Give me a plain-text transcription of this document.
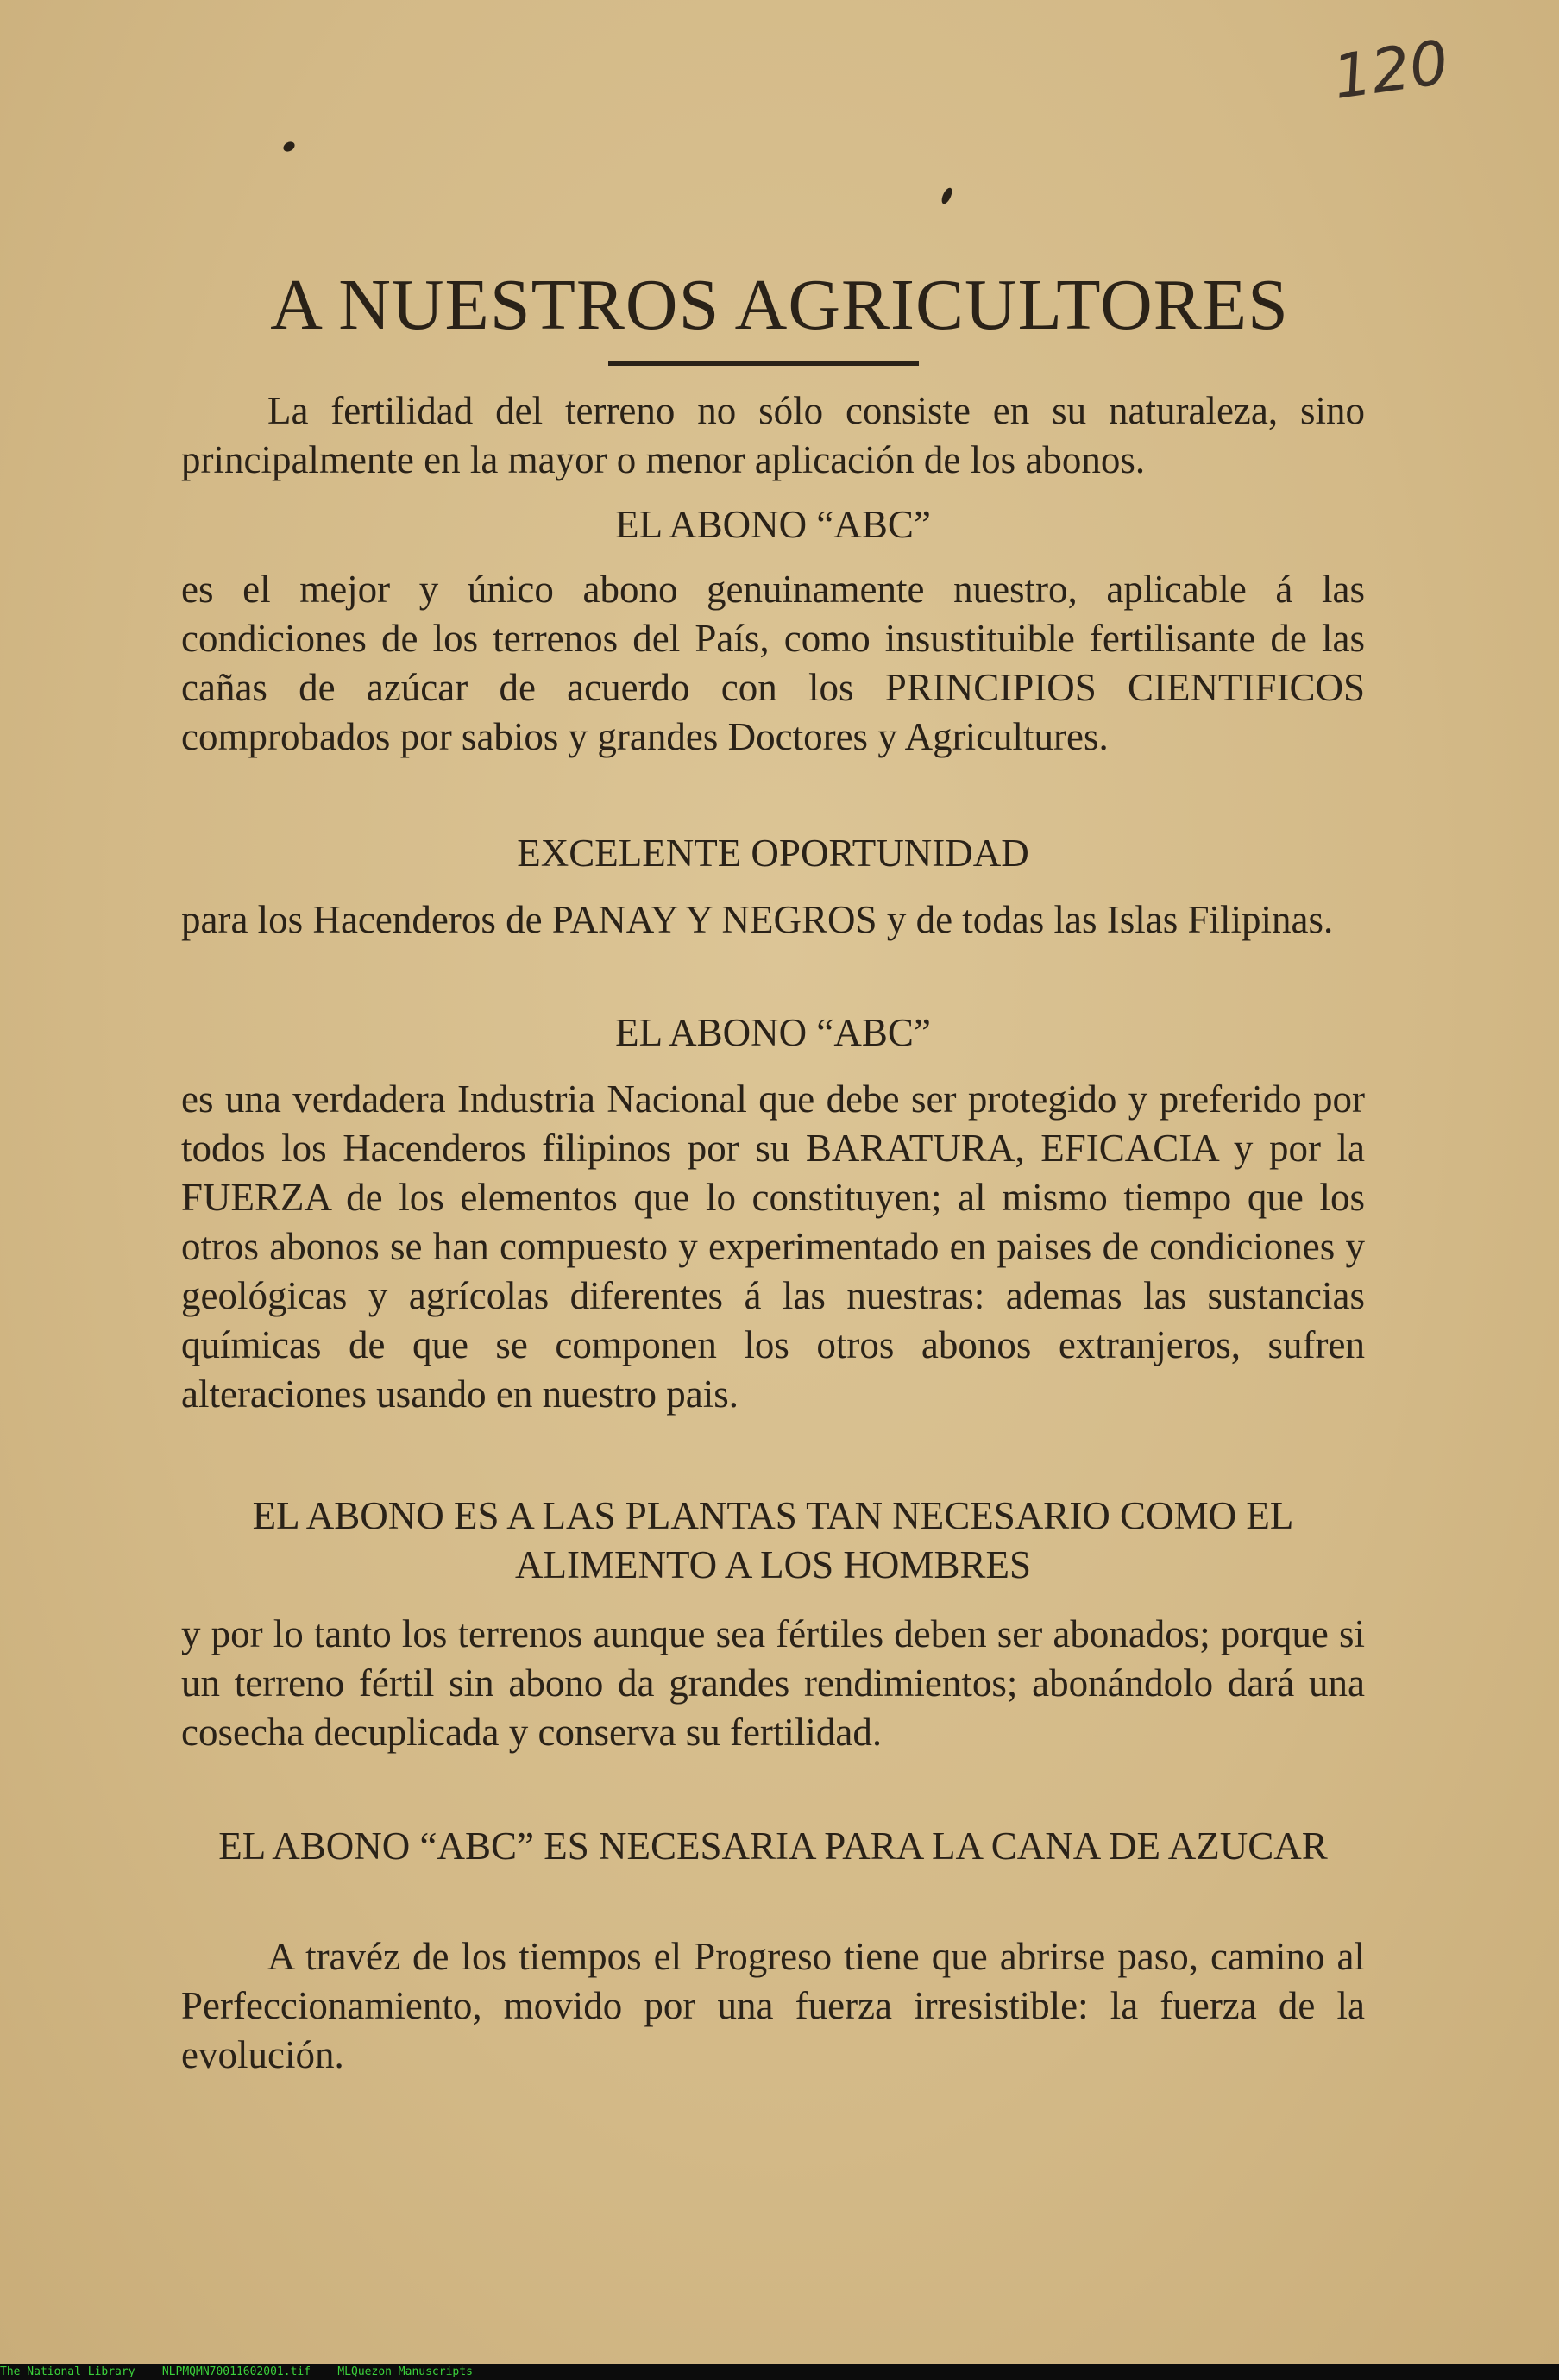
120
A NUESTROS AGRICULTORES

La fertilidad del terreno no sólo consiste en su naturaleza, sino principalmente en la mayor o menor aplicación de los abonos.

EL ABONO “ABC”

es el mejor y único abono genuinamente nuestro, aplicable á las condiciones de los terrenos del País, como insustituible fertilisante de las cañas de azúcar de acuerdo con los PRINCIPIOS CIENTIFICOS comprobados por sabios y grandes Doctores y Agricultures.

EXCELENTE OPORTUNIDAD

para los Hacenderos de PANAY Y NEGROS y de todas las Islas Filipinas.

EL ABONO “ABC”

es una verdadera Industria Nacional que debe ser protegido y preferido por todos los Hacenderos filipinos por su BARATURA, EFICACIA y por la FUERZA de los elementos que lo constituyen; al mismo tiempo que los otros abonos se han compuesto y experimentado en paises de condiciones y geológicas y agrícolas diferentes á las nuestras: ademas las sustancias químicas de que se componen los otros abonos extranjeros, sufren alteraciones usando en nuestro pais.

EL ABONO ES A LAS PLANTAS TAN NECESARIO COMO EL ALIMENTO A LOS HOMBRES

y por lo tanto los terrenos aunque sea fértiles deben ser abonados; porque si un terreno fértil sin abono da grandes rendimientos; abonándolo dará una cosecha decuplicada y conserva su fertilidad.

EL ABONO “ABC” ES NECESARIA PARA LA CANA DE AZUCAR

A travéz de los tiempos el Progreso tiene que abrirse paso, camino al Perfeccionamiento, movido por una fuerza irresistible: la fuerza de la evolución.

The National Library NLPMQMN70011602001.tif MLQuezon Manuscripts
